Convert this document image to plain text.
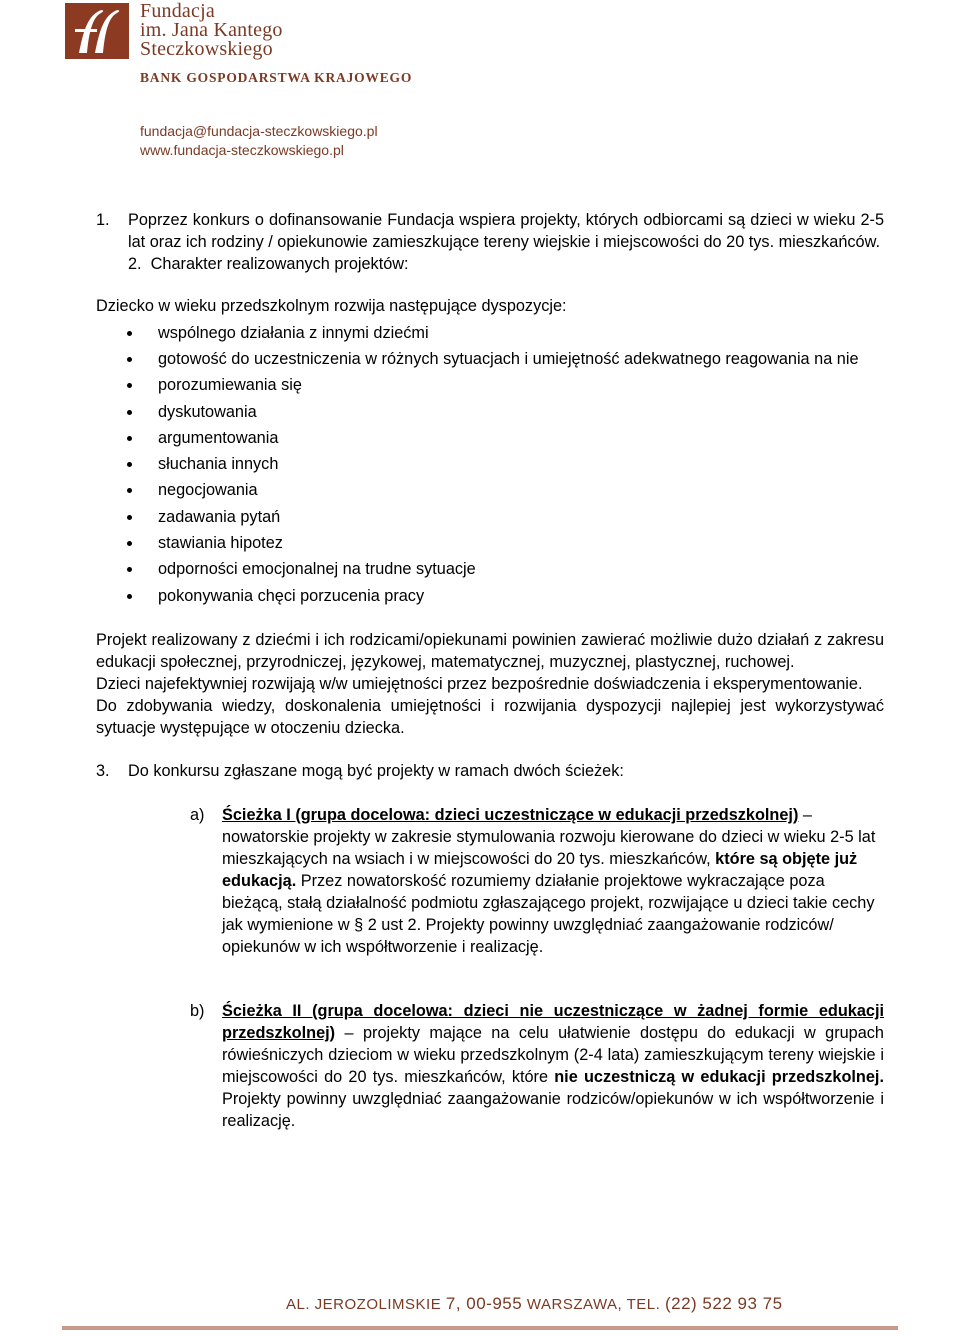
Fundacja
im. Jana Kantego
Steczkowskiego
BANK GOSPODARSTWA KRAJOWEGO
fundacja@fundacja-steczkowskiego.pl
www.fundacja-steczkowskiego.pl
1.	Poprzez konkurs o dofinansowanie Fundacja wspiera projekty, których odbiorcami są dzieci w wieku 2-5 lat oraz ich rodziny / opiekunowie zamieszkujące tereny wiejskie i miejscowości do 20 tys. mieszkańców.
2. Charakter realizowanych projektów:

Dziecko w wieku przedszkolnym rozwija następujące dyspozycje:

wspólnego działania z innymi dziećmi
gotowość do uczestniczenia w różnych sytuacjach i umiejętność adekwatnego reagowania na nie
porozumiewania się
dyskutowania
argumentowania
słuchania innych
negocjowania
zadawania pytań
stawiania hipotez
odporności emocjonalnej na trudne sytuacje
pokonywania chęci porzucenia pracy

Projekt realizowany z dziećmi i ich rodzicami/opiekunami powinien zawierać możliwie dużo działań z zakresu edukacji społecznej, przyrodniczej, językowej, matematycznej, muzycznej, plastycznej, ruchowej.

Dzieci najefektywniej rozwijają w/w umiejętności przez bezpośrednie doświadczenia i eksperymentowanie.

Do zdobywania wiedzy, doskonalenia umiejętności i rozwijania dyspozycji najlepiej jest wykorzystywać sytuacje występujące w otoczeniu dziecka.

3.	Do konkursu zgłaszane mogą być projekty w ramach dwóch ścieżek:
a)	Ścieżka I (grupa docelowa: dzieci uczestniczące w edukacji przedszkolnej) – nowatorskie projekty w zakresie stymulowania rozwoju kierowane do dzieci w wieku 2-5 lat mieszkających na wsiach i w miejscowości do 20 tys. mieszkańców, które są objęte już edukacją. Przez nowatorskość rozumiemy działanie projektowe wykraczające poza bieżącą, stałą działalność podmiotu zgłaszającego projekt, rozwijające u dzieci takie cechy jak wymienione w § 2 ust 2. Projekty powinny uwzględniać zaangażowanie rodziców/ opiekunów w ich współtworzenie i realizację.
b)	Ścieżka II (grupa docelowa: dzieci nie uczestniczące w żadnej formie edukacji przedszkolnej) – projekty mające na celu ułatwienie dostępu do edukacji w grupach rówieśniczych dzieciom w wieku przedszkolnym (2-4 lata) zamieszkującym tereny wiejskie i miejscowości do 20 tys. mieszkańców, które nie uczestniczą w edukacji przedszkolnej. Projekty powinny uwzględniać zaangażowanie rodziców/opiekunów w ich współtworzenie i realizację.
AL. JEROZOLIMSKIE 7, 00-955 WARSZAWA, TEL. (22) 522 93 75
